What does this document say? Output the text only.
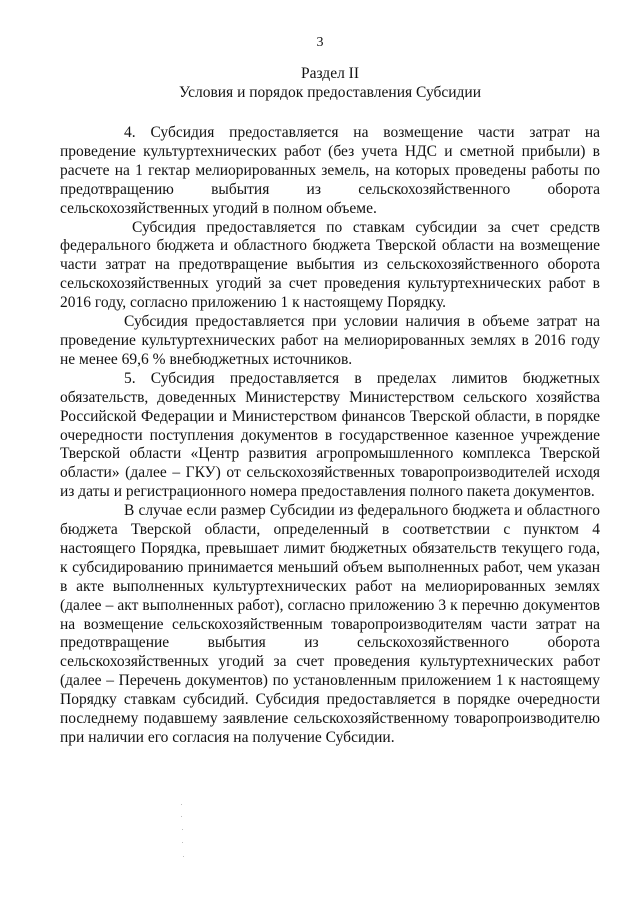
3
Раздел II
Условия и порядок предоставления Субсидии

4. Субсидия предоставляется на возмещение части затрат на проведение культуртехнических работ (без учета НДС и сметной прибыли) в расчете на 1 гектар мелиорированных земель, на которых проведены работы по предотвращению выбытия из сельскохозяйственного оборота сельскохозяйственных угодий в полном объеме.

Субсидия предоставляется по ставкам субсидии за счет средств федерального бюджета и областного бюджета Тверской области на возмещение части затрат на предотвращение выбытия из сельскохозяйственного оборота сельскохозяйственных угодий за счет проведения культуртехнических работ в 2016 году, согласно приложению 1 к настоящему Порядку.

Субсидия предоставляется при условии наличия в объеме затрат на проведение культуртехнических работ на мелиорированных землях в 2016 году не менее 69,6 % внебюджетных источников.

5. Субсидия предоставляется в пределах лимитов бюджетных обязательств, доведенных Министерству Министерством сельского хозяйства Российской Федерации и Министерством финансов Тверской области, в порядке очередности поступления документов в государственное казенное учреждение Тверской области «Центр развития агропромышленного комплекса Тверской области» (далее – ГКУ) от сельскохозяйственных товаропроизводителей исходя из даты и регистрационного номера предоставления полного пакета документов.

В случае если размер Субсидии из федерального бюджета и областного бюджета Тверской области, определенный в соответствии с пунктом 4 настоящего Порядка, превышает лимит бюджетных обязательств текущего года, к субсидированию принимается меньший объем выполненных работ, чем указан в акте выполненных культуртехнических работ на мелиорированных землях (далее – акт выполненных работ), согласно приложению 3 к перечню документов на возмещение сельскохозяйственным товаропроизводителям части затрат на предотвращение выбытия из сельскохозяйственного оборота сельскохозяйственных угодий за счет проведения культуртехнических работ (далее – Перечень документов) по установленным приложением 1 к настоящему Порядку ставкам субсидий. Субсидия предоставляется в порядке очередности последнему подавшему заявление сельскохозяйственному товаропроизводителю при наличии его согласия на получение Субсидии.
